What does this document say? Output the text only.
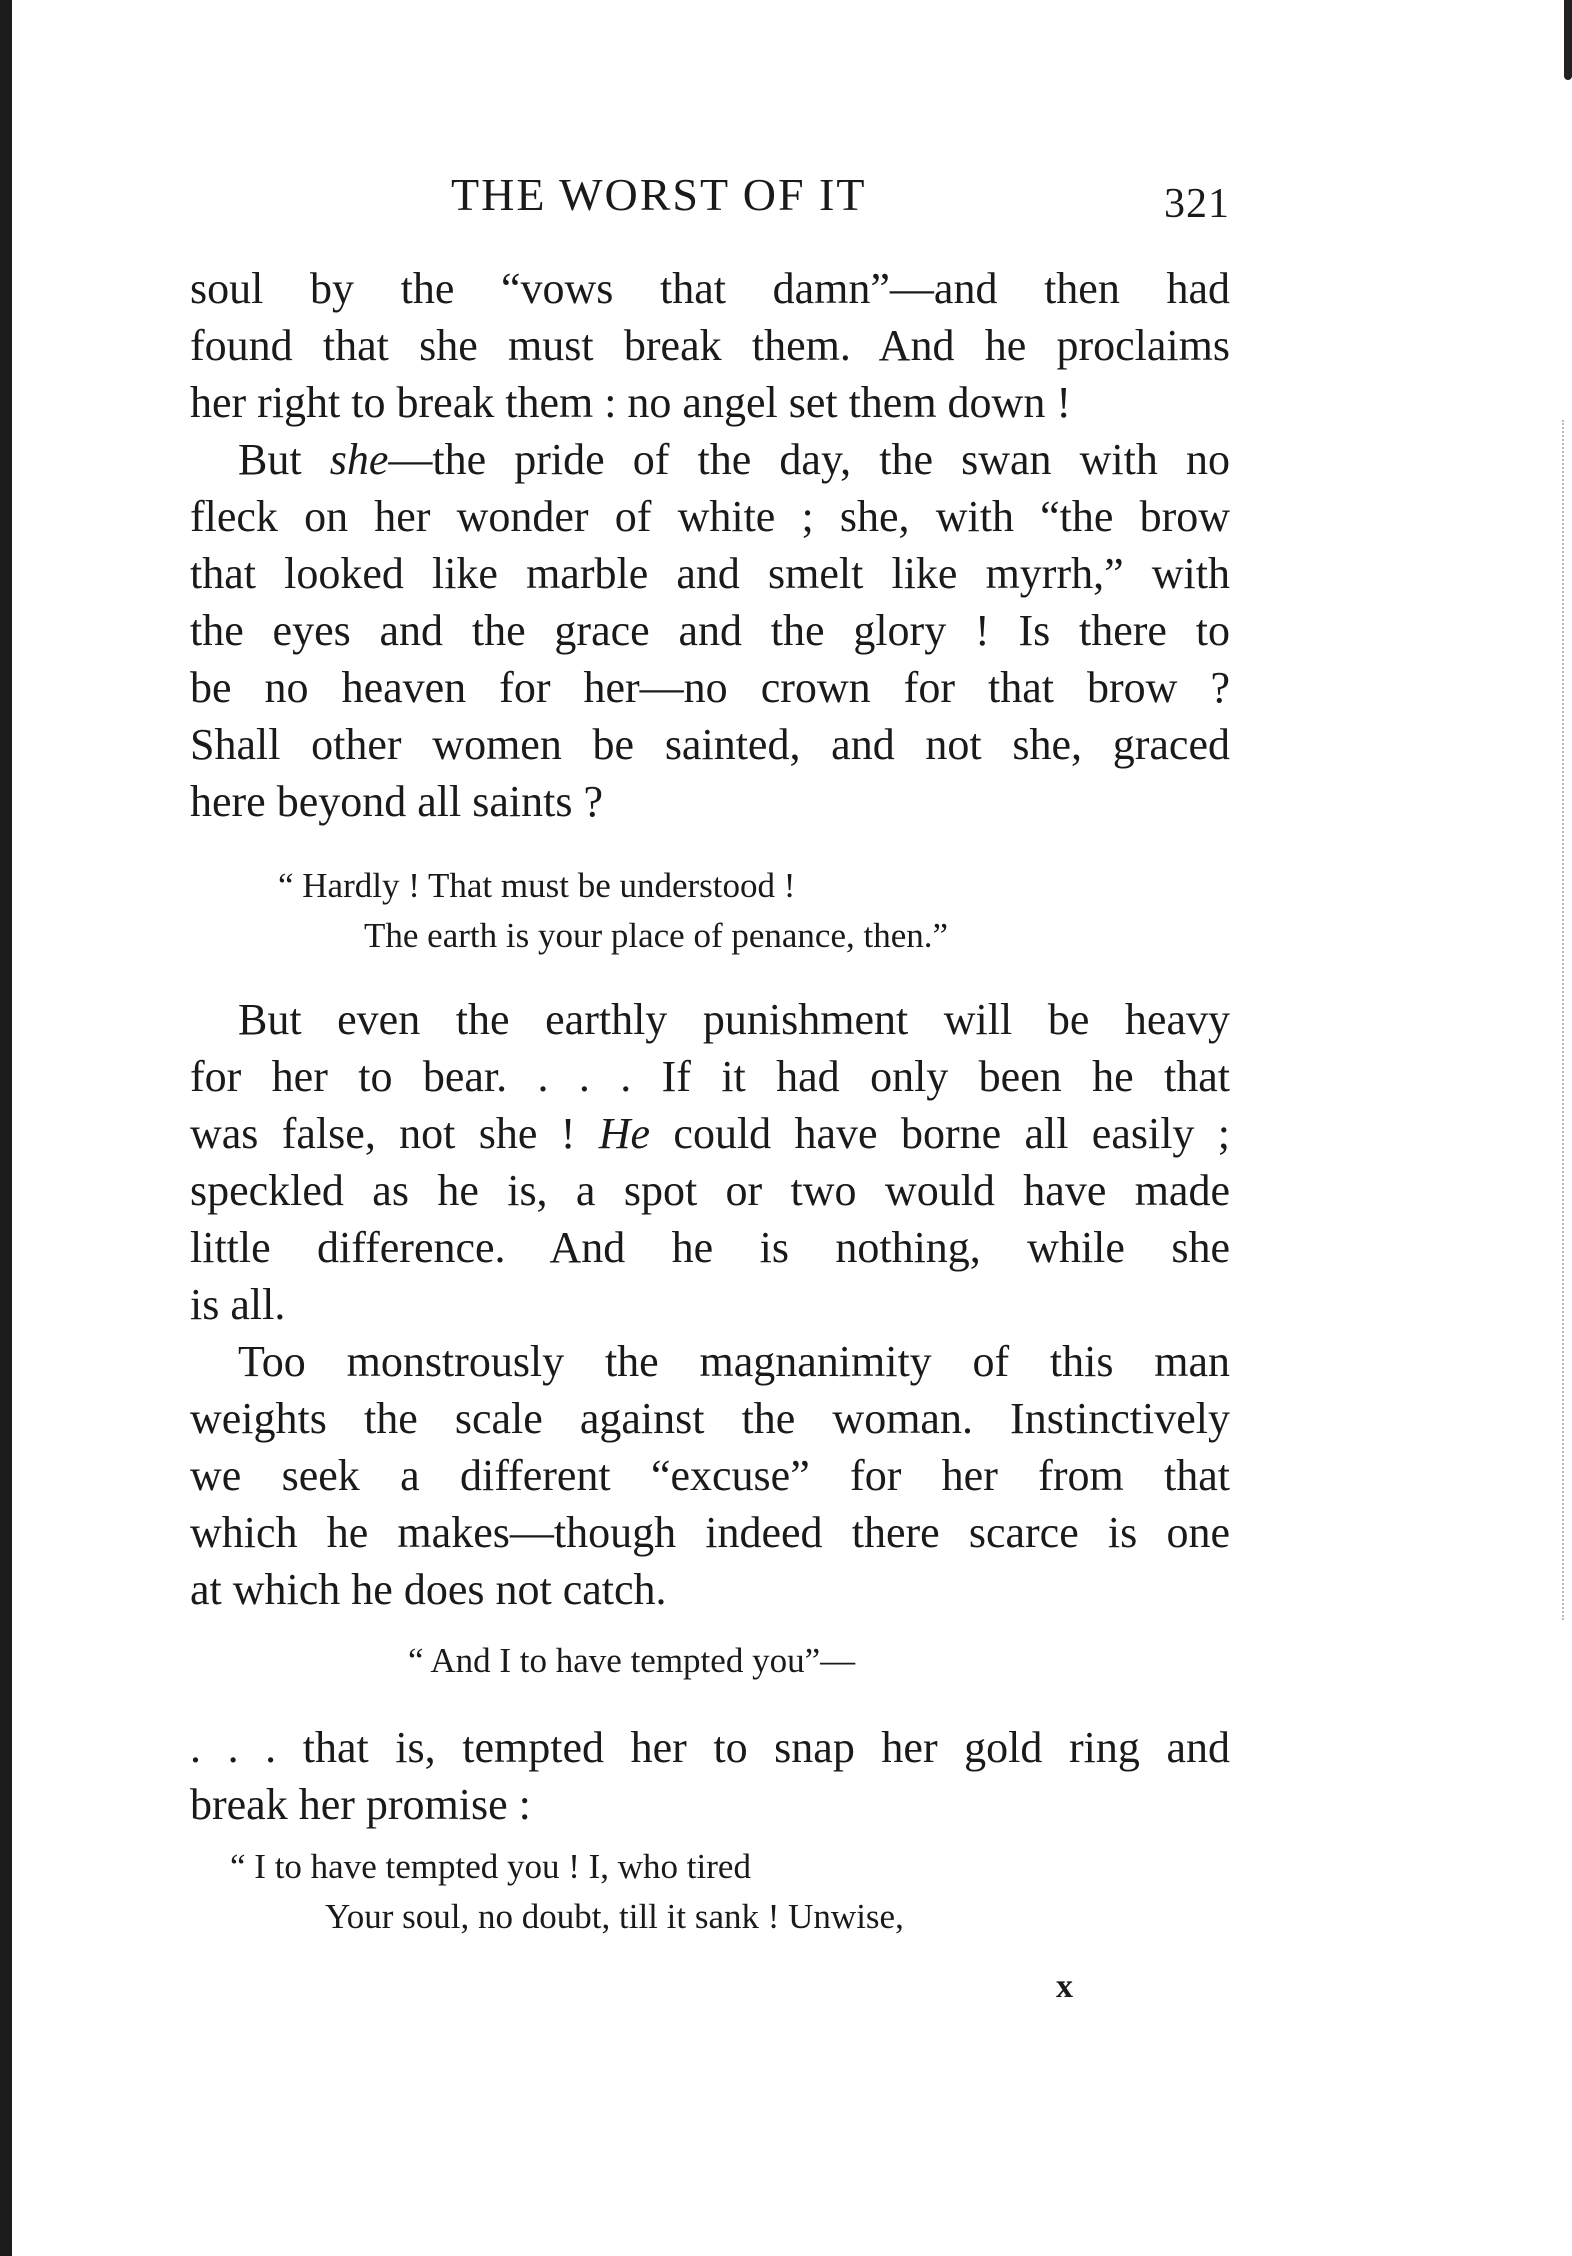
THE WORST OF IT	321
soul by the “vows that damn”—and then had
found that she must break them. And he proclaims
her right to break them : no angel set them down !
But she—the pride of the day, the swan with no
fleck on her wonder of white ; she, with “the brow
that looked like marble and smelt like myrrh,” with
the eyes and the grace and the glory ! Is there to
be no heaven for her—no crown for that brow ?
Shall other women be sainted, and not she, graced
here beyond all saints ?
“ Hardly ! That must be understood !
The earth is your place of penance, then.”
But even the earthly punishment will be heavy
for her to bear. . . . If it had only been he that
was false, not she ! He could have borne all easily ;
speckled as he is, a spot or two would have made
little difference. And he is nothing, while she
is all.
Too monstrously the magnanimity of this man
weights the scale against the woman. Instinctively
we seek a different “excuse” for her from that
which he makes—though indeed there scarce is one
at which he does not catch.
“ And I to have tempted you”—
. . . that is, tempted her to snap her gold ring and
break her promise :
“ I to have tempted you ! I, who tired
Your soul, no doubt, till it sank ! Unwise,
x
